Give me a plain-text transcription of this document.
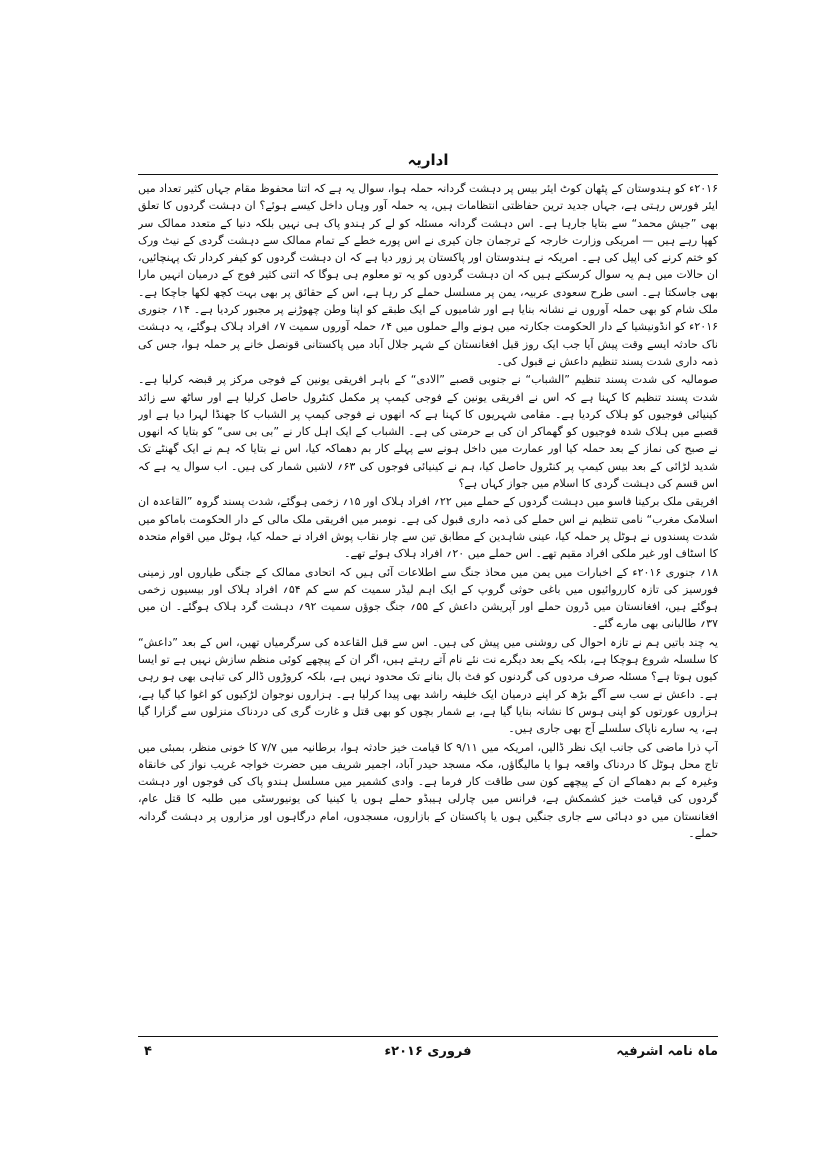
اداریہ

۲۰۱۶ء کو ہندوستان کے پٹھان کوٹ ایئر بیس پر دہشت گردانہ حملہ ہوا، سوال یہ ہے کہ اتنا محفوظ مقام جہاں کثیر تعداد میں ایئر فورس رہتی ہے، جہاں جدید ترین حفاظتی انتظامات ہیں، یہ حملہ آور وہاں داخل کیسے ہوئے؟ ان دہشت گردوں کا تعلق بھی ”جیش محمد“ سے بتایا جارہا ہے۔ اس دہشت گردانہ مسئلہ کو لے کر ہندو پاک ہی نہیں بلکہ دنیا کے متعدد ممالک سر کھپا رہے ہیں — امریکی وزارت خارجہ کے ترجمان جان کیری نے اس پورے خطے کے تمام ممالک سے دہشت گردی کے نیٹ ورک کو ختم کرنے کی اپیل کی ہے۔ امریکہ نے ہندوستان اور پاکستان پر زور دیا ہے کہ ان دہشت گردوں کو کیفر کردار تک پہنچائیں، ان حالات میں ہم یہ سوال کرسکتے ہیں کہ ان دہشت گردوں کو یہ تو معلوم ہی ہوگا کہ اتنی کثیر فوج کے درمیان انہیں مارا بھی جاسکتا ہے۔ اسی طرح سعودی عربیہ، یمن پر مسلسل حملے کر رہا ہے، اس کے حقائق پر بھی بہت کچھ لکھا جاچکا ہے۔ ملک شام کو بھی حملہ آوروں نے نشانہ بنایا ہے اور شامیوں کے ایک طبقے کو اپنا وطن چھوڑنے پر مجبور کردیا ہے۔ ۱۴؍ جنوری ۲۰۱۶ء کو انڈونیشیا کے دار الحکومت جکارتہ میں ہونے والے حملوں میں ۴؍ حملہ آوروں سمیت ۷؍ افراد ہلاک ہوگئے، یہ دہشت ناک حادثہ ایسے وقت پیش آیا جب ایک روز قبل افغانستان کے شہر جلال آباد میں پاکستانی قونصل خانے پر حملہ ہوا، جس کی ذمہ داری شدت پسند تنظیم داعش نے قبول کی۔

صومالیہ کی شدت پسند تنظیم ”الشباب“ نے جنوبی قصبے ”الادی“ کے باہر افریقی یونین کے فوجی مرکز پر قبضہ کرلیا ہے۔ شدت پسند تنظیم کا کہنا ہے کہ اس نے افریقی یونین کے فوجی کیمپ پر مکمل کنٹرول حاصل کرلیا ہے اور ساٹھ سے زائد کینیائی فوجیوں کو ہلاک کردیا ہے۔ مقامی شہریوں کا کہنا ہے کہ انھوں نے فوجی کیمپ پر الشباب کا جھنڈا لہرا دیا ہے اور قصبے میں ہلاک شدہ فوجیوں کو گھماکر ان کی بے حرمتی کی ہے۔ الشباب کے ایک اہل کار نے ”بی بی سی“ کو بتایا کہ انھوں نے صبح کی نماز کے بعد حملہ کیا اور عمارت میں داخل ہونے سے پہلے کار بم دھماکہ کیا، اس نے بتایا کہ ہم نے ایک گھنٹے تک شدید لڑائی کے بعد بیس کیمپ پر کنٹرول حاصل کیا، ہم نے کینیائی فوجوں کی ۶۳؍ لاشیں شمار کی ہیں۔ اب سوال یہ ہے کہ اس قسم کی دہشت گردی کا اسلام میں جواز کہاں ہے؟

افریقی ملک برکینا فاسو میں دہشت گردوں کے حملے میں ۲۲؍ افراد ہلاک اور ۱۵؍ زخمی ہوگئے، شدت پسند گروہ ”القاعدہ ان اسلامک مغرب“ نامی تنظیم نے اس حملے کی ذمہ داری قبول کی ہے۔ نومبر میں افریقی ملک مالی کے دار الحکومت باماکو میں شدت پسندوں نے ہوٹل پر حملہ کیا، عینی شاہدین کے مطابق تین سے چار نقاب پوش افراد نے حملہ کیا، ہوٹل میں اقوام متحدہ کا اسٹاف اور غیر ملکی افراد مقیم تھے۔ اس حملے میں ۲۰؍ افراد ہلاک ہوئے تھے۔

۱۸؍ جنوری ۲۰۱۶ء کے اخبارات میں یمن میں محاذ جنگ سے اطلاعات آئی ہیں کہ اتحادی ممالک کے جنگی طیاروں اور زمینی فورسیز کی تازہ کارروائیوں میں باغی حوثی گروپ کے ایک اہم لیڈر سمیت کم سے کم ۵۴؍ افراد ہلاک اور بیسیوں زخمی ہوگئے ہیں، افغانستان میں ڈرون حملے اور آپریشن داعش کے ۵۵؍ جنگ جوؤں سمیت ۹۲؍ دہشت گرد ہلاک ہوگئے۔ ان میں ۳۷؍ طالبانی بھی مارے گئے۔

یہ چند باتیں ہم نے تازہ احوال کی روشنی میں پیش کی ہیں۔ اس سے قبل القاعدہ کی سرگرمیاں تھیں، اس کے بعد ”داعش“ کا سلسلہ شروع ہوچکا ہے، بلکہ یکے بعد دیگرے نت نئے نام آتے رہتے ہیں، اگر ان کے پیچھے کوئی منظم سازش نہیں ہے تو ایسا کیوں ہوتا ہے؟ مسئلہ صرف مردوں کی گردنوں کو فٹ بال بنانے تک محدود نہیں ہے، بلکہ کروڑوں ڈالر کی تباہی بھی ہو رہی ہے۔ داعش نے سب سے آگے بڑھ کر اپنے درمیان ایک خلیفہ راشد بھی پیدا کرلیا ہے۔ ہزاروں نوجوان لڑکیوں کو اغوا کیا گیا ہے، ہزاروں عورتوں کو اپنی ہوس کا نشانہ بنایا گیا ہے، بے شمار بچوں کو بھی قتل و غارت گری کی دردناک منزلوں سے گزارا گیا ہے، یہ سارے ناپاک سلسلے آج بھی جاری ہیں۔

آپ ذرا ماضی کی جانب ایک نظر ڈالیں، امریکہ میں ۹/۱۱ کا قیامت خیز حادثہ ہوا، برطانیہ میں ۷/۷ کا خونی منظر، بمبئی میں تاج محل ہوٹل کا دردناک واقعہ ہوا یا مالیگاؤں، مکہ مسجد حیدر آباد، اجمیر شریف میں حضرت خواجہ غریب نواز کی خانقاہ وغیرہ کے بم دھماکے ان کے پیچھے کون سی طاقت کار فرما ہے۔ وادی کشمیر میں مسلسل ہندو پاک کی فوجوں اور دہشت گردوں کی قیامت خیز کشمکش ہے، فرانس میں چارلی ہیبڈو حملے ہوں یا کینیا کی یونیورسٹی میں طلبہ کا قتل عام، افغانستان میں دو دہائی سے جاری جنگیں ہوں یا پاکستان کے بازاروں، مسجدوں، امام درگاہوں اور مزاروں پر دہشت گردانہ حملے۔

ماہ نامہ اشرفیہ
فروری ۲۰۱۶ء
۴
